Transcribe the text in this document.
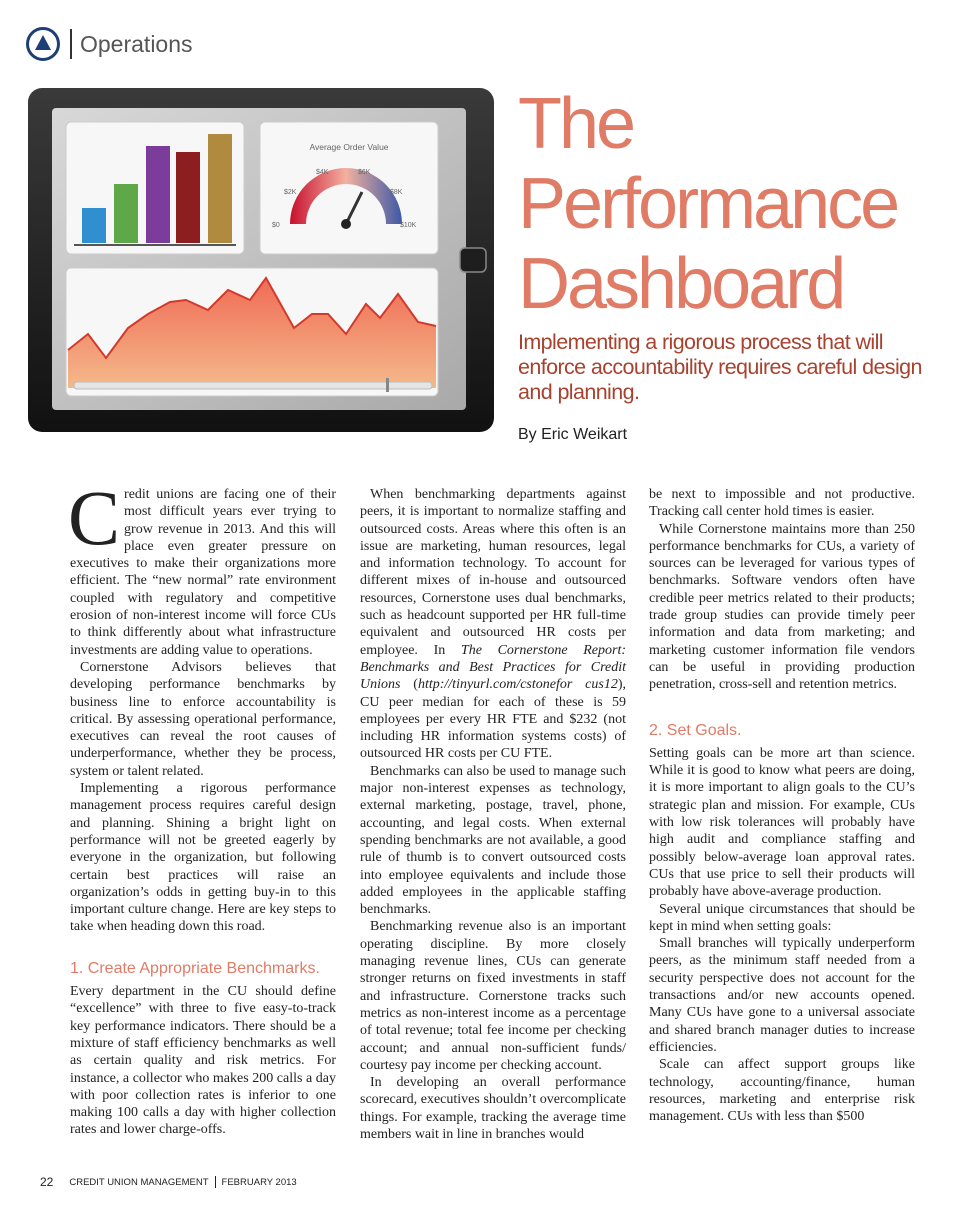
Operations
Average Order Value
$0
$2K
$4K	$6K
$8K
$10K
The
Performance
Dashboard

Implementing a rigorous process that will enforce accountability requires careful design and planning.

By Eric Weikart

Credit unions are facing one of their most difficult years ever trying to grow revenue in 2013. And this will place even greater pressure on executives to make their organizations more efficient. The “new normal” rate environment coupled with regulatory and competitive erosion of non-interest income will force CUs to think differently about what infrastructure investments are adding value to operations.

Cornerstone Advisors believes that developing performance benchmarks by business line to enforce accountability is critical. By assessing operational performance, executives can reveal the root causes of underperformance, whether they be process, system or talent related.

Implementing a rigorous performance management process requires careful design and planning. Shining a bright light on performance will not be greeted eagerly by everyone in the organization, but following certain best practices will raise an organization’s odds in getting buy-in to this important culture change. Here are key steps to take when heading down this road.

1. Create Appropriate Benchmarks.

Every department in the CU should define “excellence” with three to five easy-to-track key performance indicators. There should be a mixture of staff efficiency benchmarks as well as certain quality and risk metrics. For instance, a collector who makes 200 calls a day with poor collection rates is inferior to one making 100 calls a day with higher collection rates and lower charge-offs.

When benchmarking departments against peers, it is important to normalize staffing and outsourced costs. Areas where this often is an issue are marketing, human resources, legal and information technology. To account for different mixes of in-house and outsourced resources, Cornerstone uses dual benchmarks, such as headcount supported per HR full-time equivalent and outsourced HR costs per employee. In The Cornerstone Report: Benchmarks and Best Practices for Credit Unions (http://tinyurl.com/cstonefor cus12), CU peer median for each of these is 59 employees per every HR FTE and $232 (not including HR information systems costs) of outsourced HR costs per CU FTE.

Benchmarks can also be used to manage such major non-interest expenses as technology, external marketing, postage, travel, phone, accounting, and legal costs. When external spending benchmarks are not available, a good rule of thumb is to convert outsourced costs into employee equivalents and include those added employees in the applicable staffing benchmarks.

Benchmarking revenue also is an important operating discipline. By more closely managing revenue lines, CUs can generate stronger returns on fixed investments in staff and infrastructure. Cornerstone tracks such metrics as non-interest income as a percentage of total revenue; total fee income per checking account; and annual non-sufficient funds/ courtesy pay income per checking account.

In developing an overall performance scorecard, executives shouldn’t overcomplicate things. For example, tracking the average time members wait in line in branches would

be next to impossible and not productive. Tracking call center hold times is easier.

While Cornerstone maintains more than 250 performance benchmarks for CUs, a variety of sources can be leveraged for various types of benchmarks. Software vendors often have credible peer metrics related to their products; trade group studies can provide timely peer information and data from marketing; and marketing customer information file vendors can be useful in providing production penetration, cross-sell and retention metrics.

2. Set Goals.

Setting goals can be more art than science. While it is good to know what peers are doing, it is more important to align goals to the CU’s strategic plan and mission. For example, CUs with low risk tolerances will probably have high audit and compliance staffing and possibly below-average loan approval rates. CUs that use price to sell their products will probably have above-average production.

Several unique circumstances that should be kept in mind when setting goals:

Small branches will typically underperform peers, as the minimum staff needed from a security perspective does not account for the transactions and/or new accounts opened. Many CUs have gone to a universal associate and shared branch manager duties to increase efficiencies.

Scale can affect support groups like technology, accounting/finance, human resources, marketing and enterprise risk management. CUs with less than $500

22 CREDIT UNION MANAGEMENT FEBRUARY 2013
